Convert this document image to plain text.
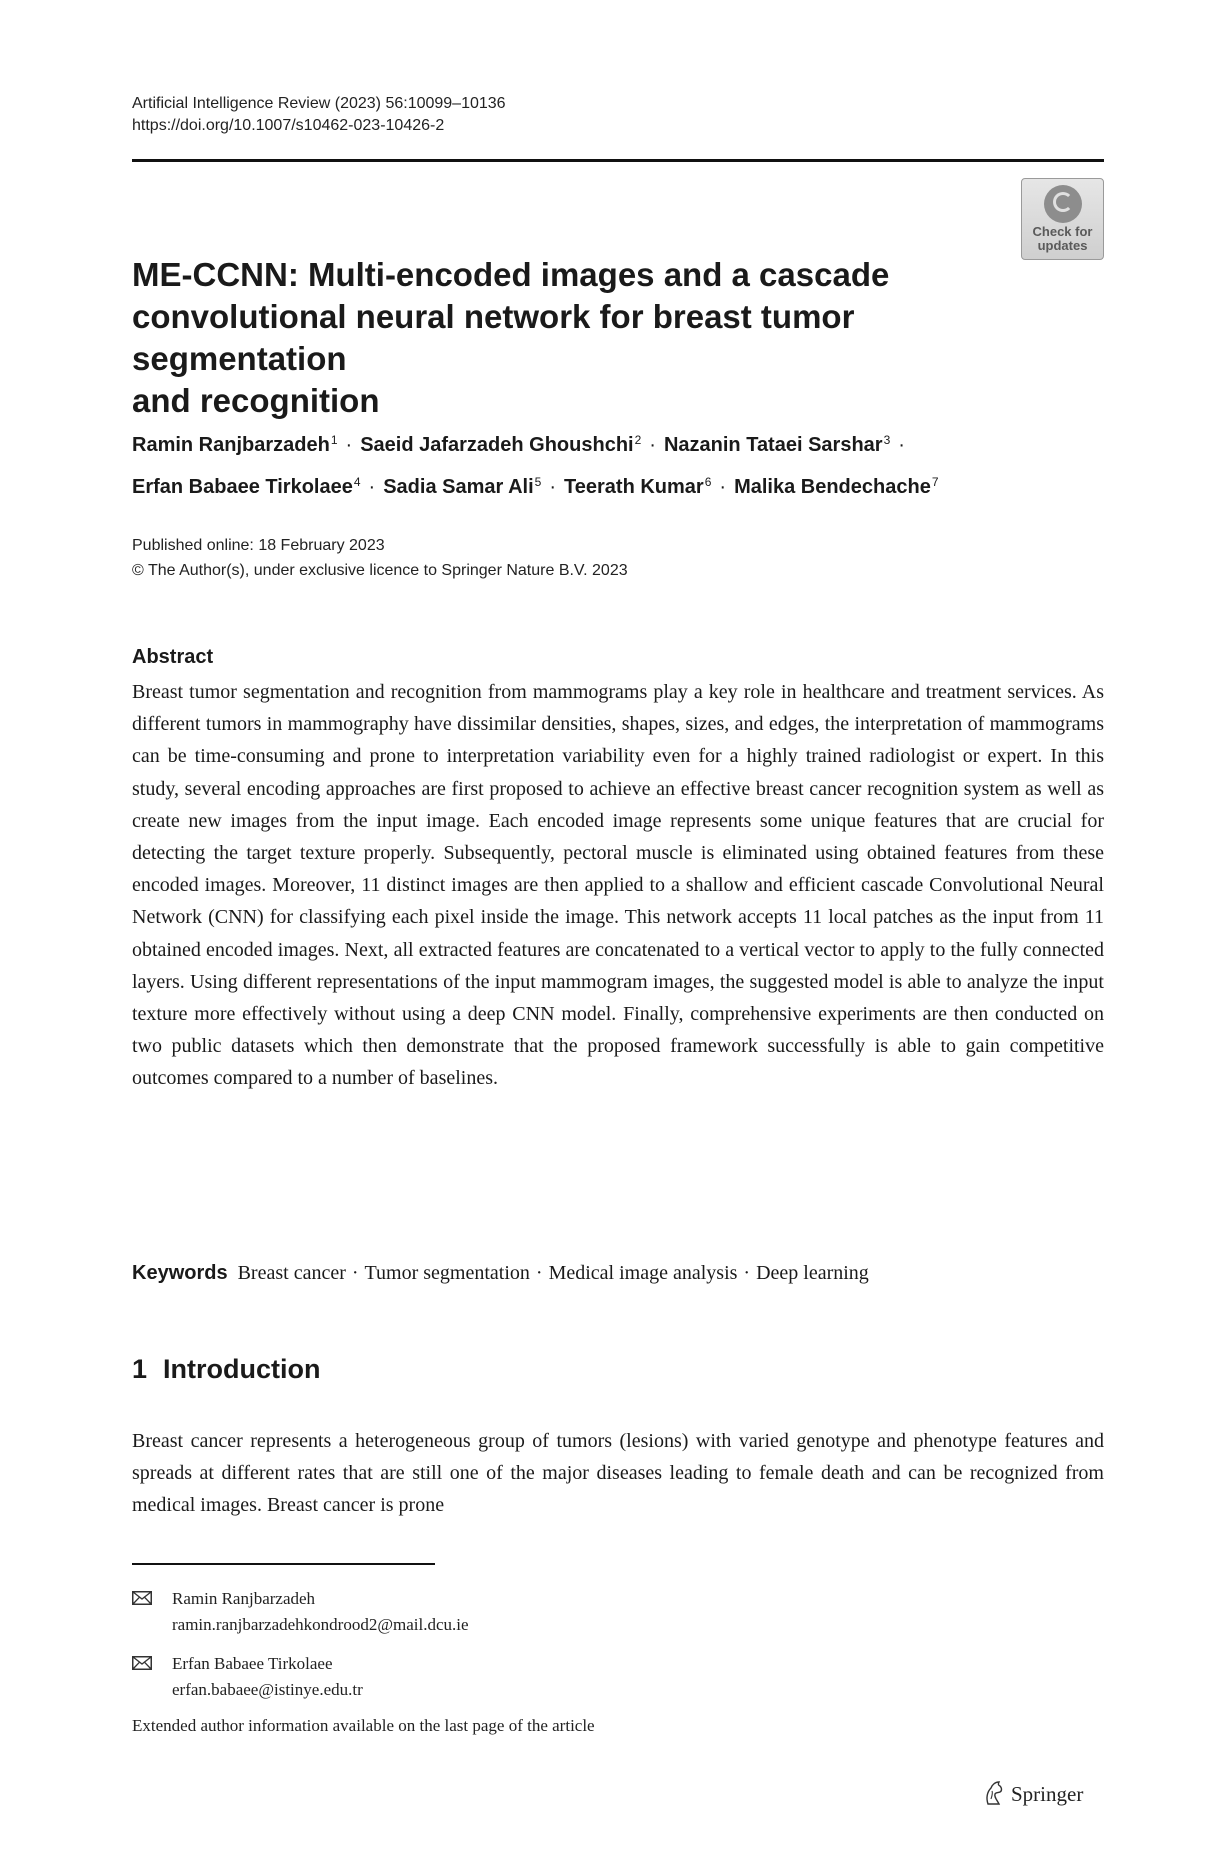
Artificial Intelligence Review (2023) 56:10099–10136
https://doi.org/10.1007/s10462-023-10426-2
Check for
updates
ME-CCNN: Multi-encoded images and a cascade
convolutional neural network for breast tumor segmentation
and recognition
Ramin Ranjbarzadeh$^1$ · Saeid Jafarzadeh Ghoushchi$^2$ · Nazanin Tataei Sarshar$^3$ ·
Erfan Babaee Tirkolaee$^4$ · Sadia Samar Ali$^5$ · Teerath Kumar$^6$ · Malika Bendechache$^7$
Published online: 18 February 2023
© The Author(s), under exclusive licence to Springer Nature B.V. 2023
Abstract

Breast tumor segmentation and recognition from mammograms play a key role in healthcare and treatment services. As different tumors in mammography have dissimilar densities, shapes, sizes, and edges, the interpretation of mammograms can be time-consuming and prone to interpretation variability even for a highly trained radiologist or expert. In this study, several encoding approaches are first proposed to achieve an effective breast cancer recognition system as well as create new images from the input image. Each encoded image represents some unique features that are crucial for detecting the target texture properly. Subsequently, pectoral muscle is eliminated using obtained features from these encoded images. Moreover, 11 distinct images are then applied to a shallow and efficient cascade Convolutional Neural Network (CNN) for classifying each pixel inside the image. This network accepts 11 local patches as the input from 11 obtained encoded images. Next, all extracted features are concatenated to a vertical vector to apply to the fully connected layers. Using different representations of the input mammogram images, the suggested model is able to analyze the input texture more effectively without using a deep CNN model. Finally, comprehensive experiments are then conducted on two public datasets which then demonstrate that the proposed framework successfully is able to gain competitive outcomes compared to a number of baselines.

Keywords Breast cancer · Tumor segmentation · Medical image analysis · Deep learning
1 Introduction

Breast cancer represents a heterogeneous group of tumors (lesions) with varied genotype and phenotype features and spreads at different rates that are still one of the major diseases leading to female death and can be recognized from medical images. Breast cancer is prone

Ramin Ranjbarzadeh
ramin.ranjbarzadehkondrood2@mail.dcu.ie
Erfan Babaee Tirkolaee
erfan.babaee@istinye.edu.tr
Extended author information available on the last page of the article
Springer
